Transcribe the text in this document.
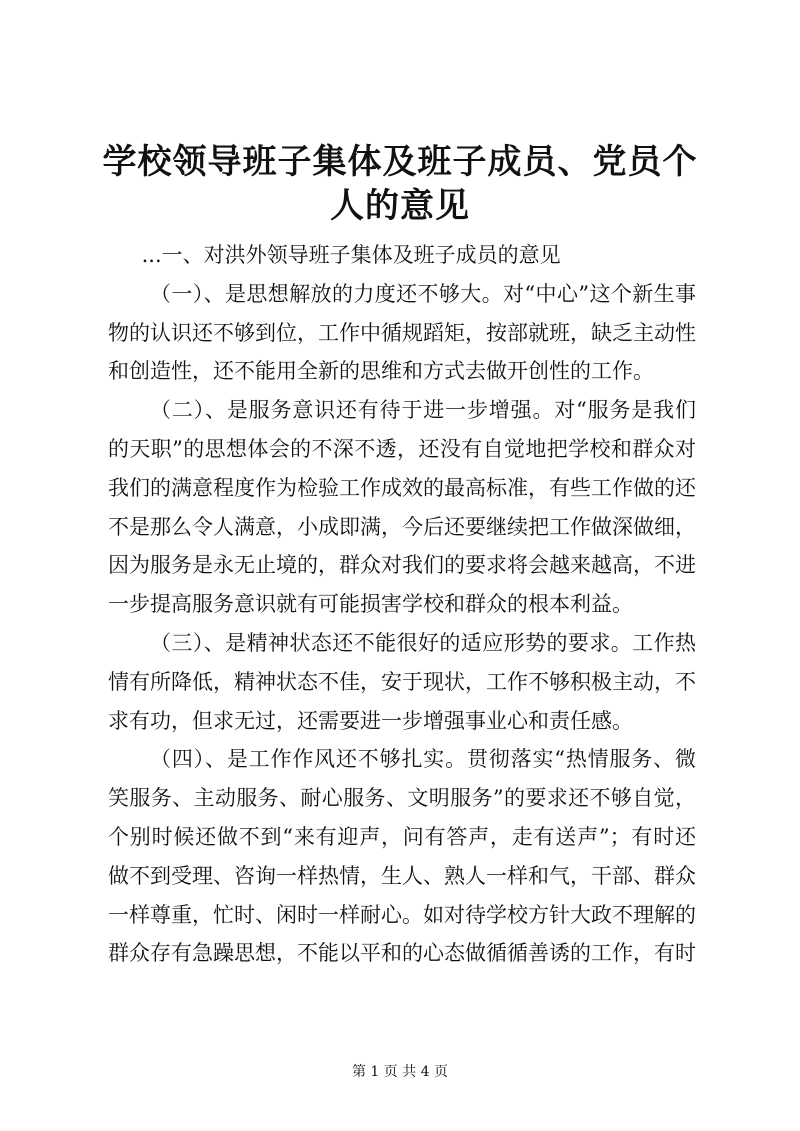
学校领导班子集体及班子成员、党员个人的意见

...一、对洪外领导班子集体及班子成员的意见

（一）、是思想解放的力度还不够大。对“中心”这个新生事物的认识还不够到位，工作中循规蹈矩，按部就班，缺乏主动性和创造性，还不能用全新的思维和方式去做开创性的工作。

（二）、是服务意识还有待于进一步增强。对“服务是我们的天职”的思想体会的不深不透，还没有自觉地把学校和群众对我们的满意程度作为检验工作成效的最高标准，有些工作做的还不是那么令人满意，小成即满，今后还要继续把工作做深做细，因为服务是永无止境的，群众对我们的要求将会越来越高，不进一步提高服务意识就有可能损害学校和群众的根本利益。

（三）、是精神状态还不能很好的适应形势的要求。工作热情有所降低，精神状态不佳，安于现状，工作不够积极主动，不求有功，但求无过，还需要进一步增强事业心和责任感。

（四）、是工作作风还不够扎实。贯彻落实“热情服务、微笑服务、主动服务、耐心服务、文明服务”的要求还不够自觉，个别时候还做不到“来有迎声，问有答声，走有送声”；有时还做不到受理、咨询一样热情，生人、熟人一样和气，干部、群众一样尊重，忙时、闲时一样耐心。如对待学校方针大政不理解的群众存有急躁思想，不能以平和的心态做循循善诱的工作，有时

第 1 页 共 4 页
